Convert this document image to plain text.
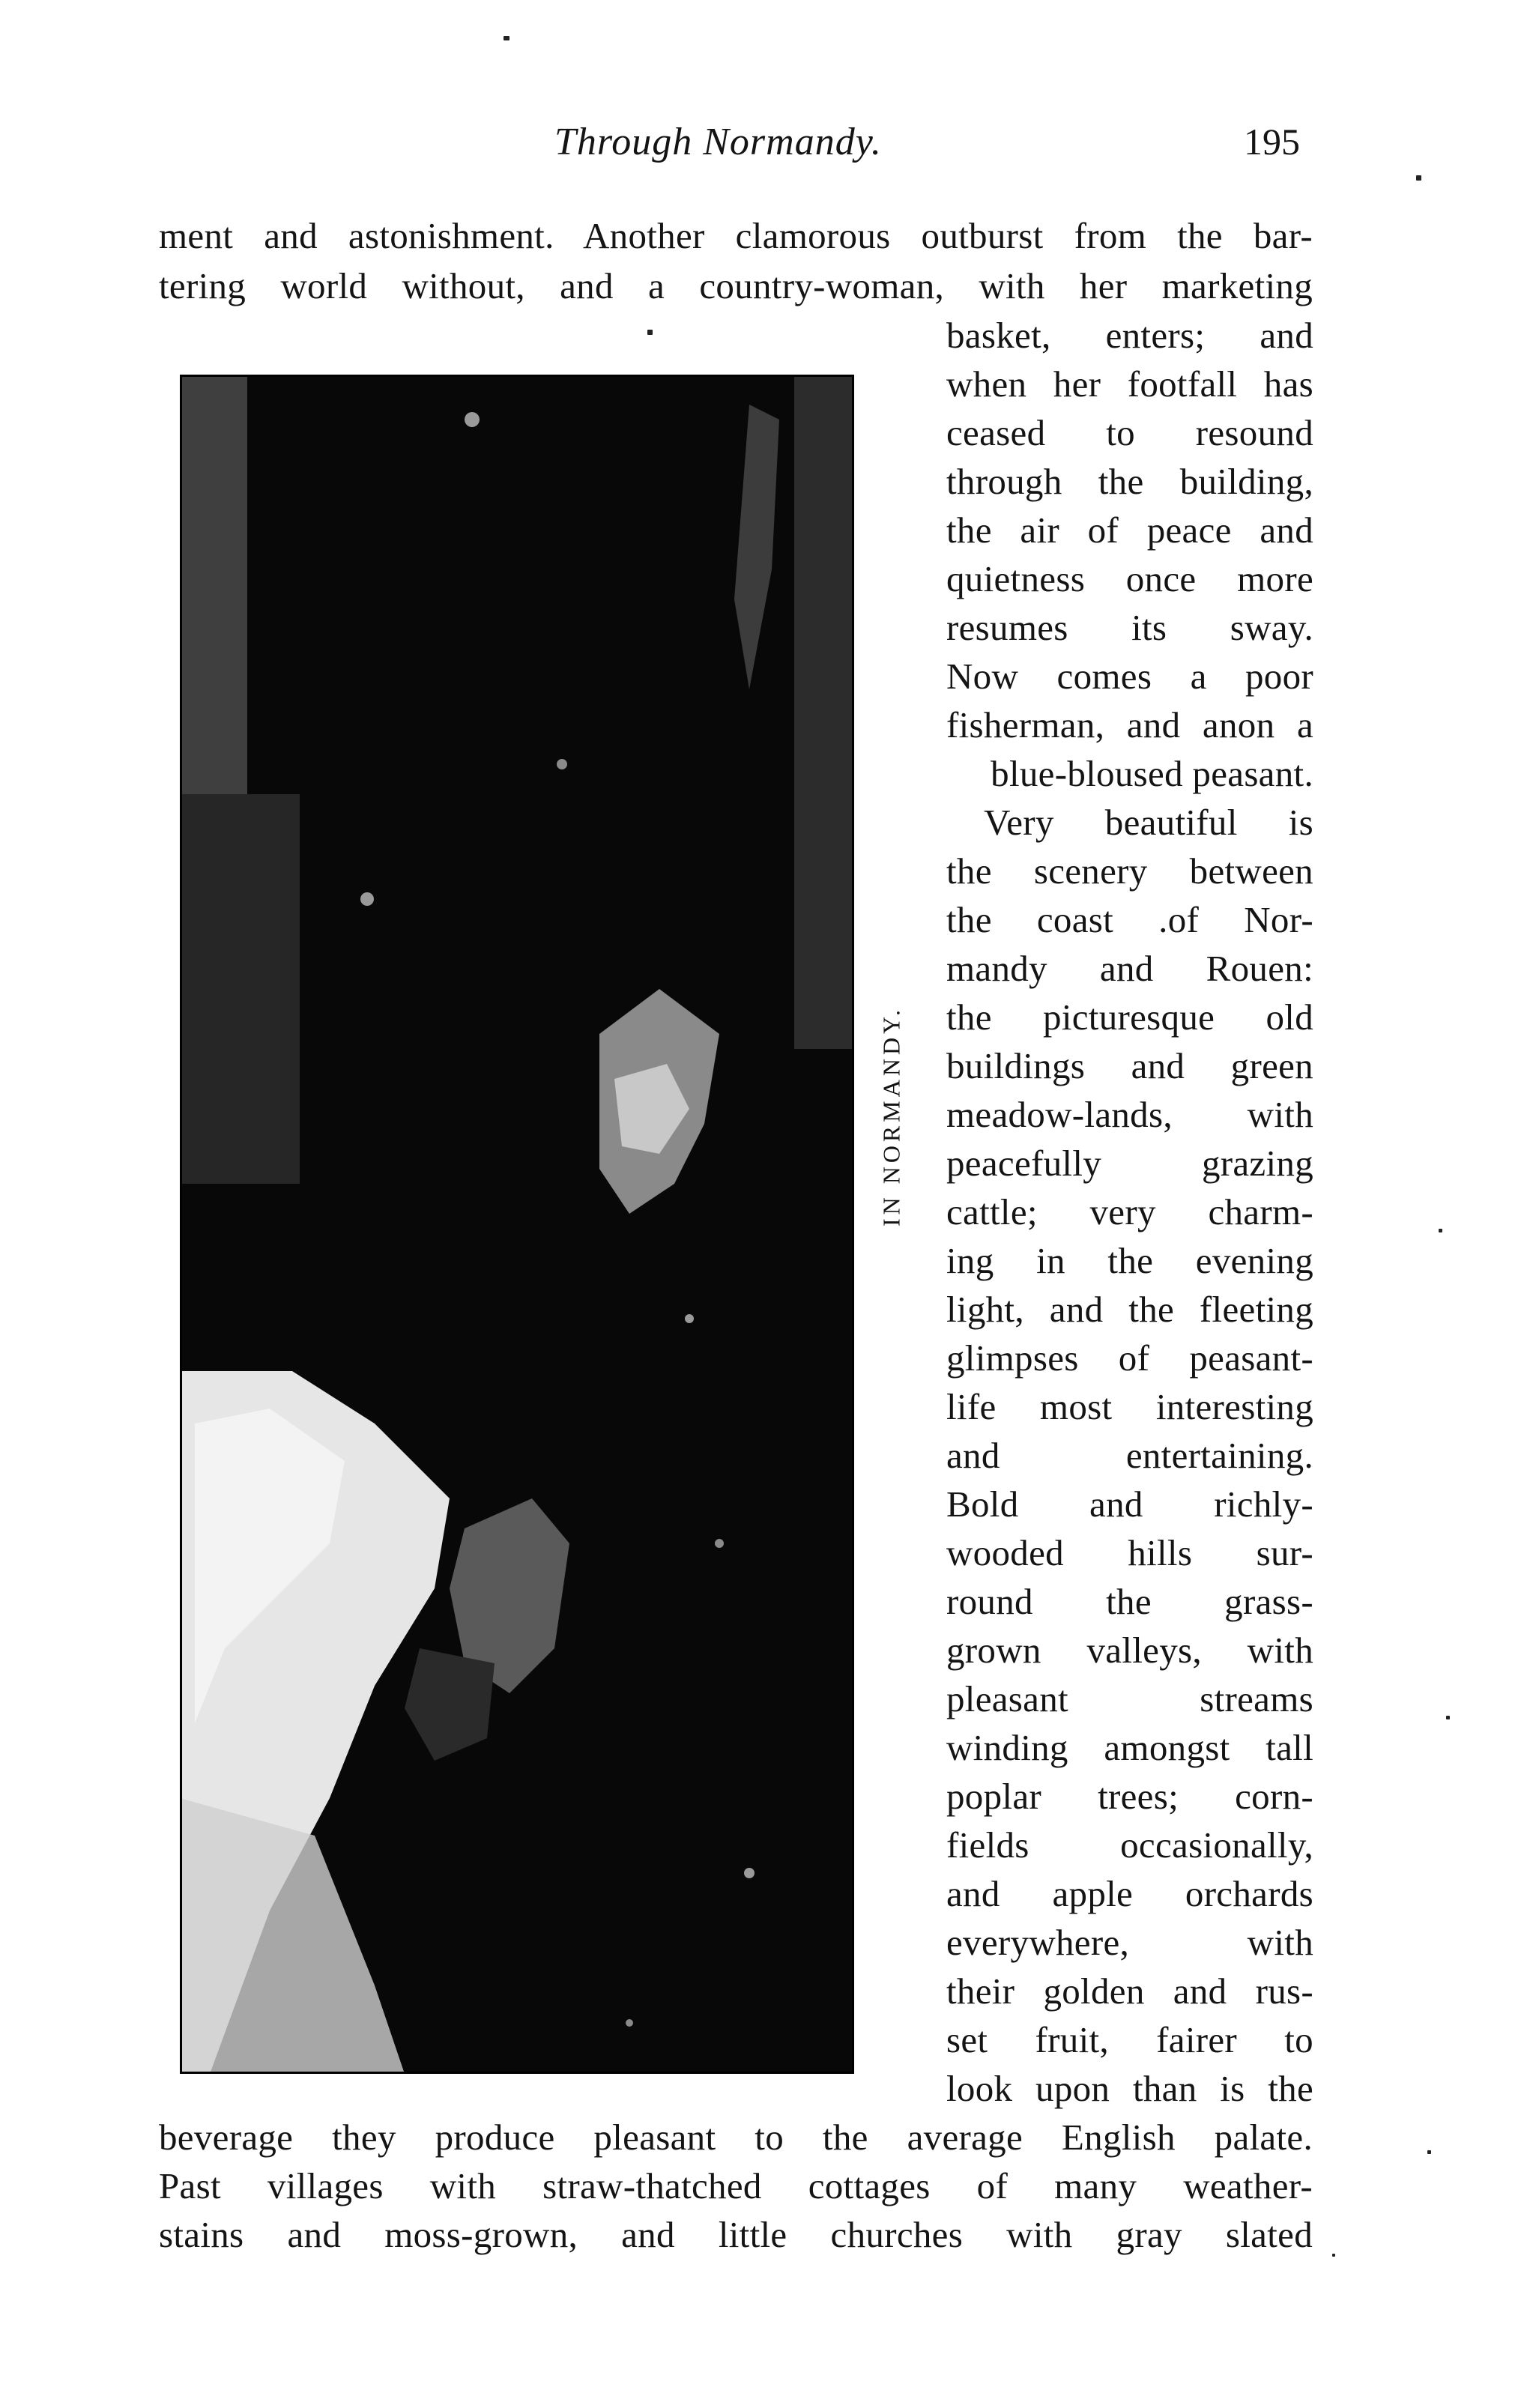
Through Normandy.	195
ment and astonishment. Another clamorous outburst from the bar-
tering world without, and a country-woman, with her marketing
IN NORMANDY.
basket, enters; and
when her footfall has
ceased to resound
through the building,
the air of peace and
quietness once more
resumes its sway.
Now comes a poor
fisherman, and anon a
blue-bloused peasant.
Very beautiful is
the scenery between
the coast .of Nor-
mandy and Rouen:
the picturesque old
buildings and green
meadow-lands, with
peacefully grazing
cattle; very charm-
ing in the evening
light, and the fleeting
glimpses of peasant-
life most interesting
and entertaining.
Bold and richly-
wooded hills sur-
round the grass-
grown valleys, with
pleasant streams
winding amongst tall
poplar trees; corn-
fields occasionally,
and apple orchards
everywhere, with
their golden and rus-
set fruit, fairer to
look upon than is the
beverage they produce pleasant to the average English palate.
Past villages with straw-thatched cottages of many weather-
stains and moss-grown, and little churches with gray slated
